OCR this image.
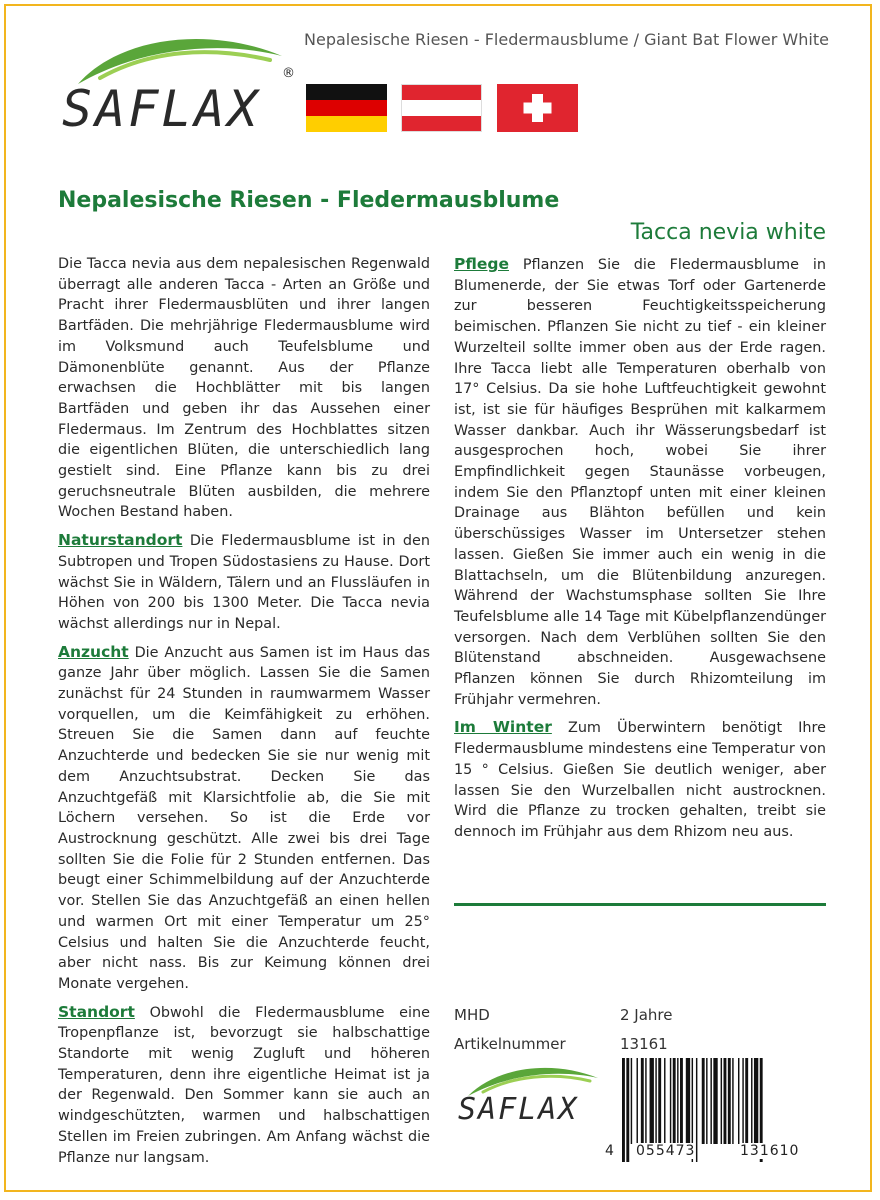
Nepalesische Riesen - Fledermausblume / Giant Bat Flower White
SAFLAX
®
Nepalesische Riesen - Fledermausblume
Tacca nevia white

Die Tacca nevia aus dem nepalesischen Regenwald überragt alle anderen Tacca - Arten an Größe und Pracht ihrer Fledermausblüten und ihrer langen Bartfäden. Die mehrjährige Fledermausblume wird im Volksmund auch Teufelsblume und Dämonenblüte genannt. Aus der Pflanze erwachsen die Hochblätter mit bis langen Bartfäden und geben ihr das Aussehen einer Fledermaus. Im Zentrum des Hochblattes sitzen die eigentlichen Blüten, die unterschiedlich lang gestielt sind. Eine Pflanze kann bis zu drei geruchsneutrale Blüten ausbilden, die mehrere Wochen Bestand haben.

Naturstandort Die Fledermausblume ist in den Subtropen und Tropen Südostasiens zu Hause. Dort wächst Sie in Wäldern, Tälern und an Flussläufen in Höhen von 200 bis 1300 Meter. Die Tacca nevia wächst allerdings nur in Nepal.

Anzucht Die Anzucht aus Samen ist im Haus das ganze Jahr über möglich. Lassen Sie die Samen zunächst für 24 Stunden in raumwarmem Wasser vorquellen, um die Keimfähigkeit zu erhöhen. Streuen Sie die Samen dann auf feuchte Anzuchterde und bedecken Sie sie nur wenig mit dem Anzuchtsubstrat. Decken Sie das Anzuchtgefäß mit Klarsichtfolie ab, die Sie mit Löchern versehen. So ist die Erde vor Austrocknung geschützt. Alle zwei bis drei Tage sollten Sie die Folie für 2 Stunden entfernen. Das beugt einer Schimmelbildung auf der Anzuchterde vor. Stellen Sie das Anzuchtgefäß an einen hellen und warmen Ort mit einer Temperatur um 25° Celsius und halten Sie die Anzuchterde feucht, aber nicht nass. Bis zur Keimung können drei Monate vergehen.

Standort Obwohl die Fledermausblume eine Tropenpflanze ist, bevorzugt sie halbschattige Standorte mit wenig Zugluft und höheren Temperaturen, denn ihre eigentliche Heimat ist ja der Regenwald. Den Sommer kann sie auch an windgeschützten, warmen und halbschattigen Stellen im Freien zubringen. Am Anfang wächst die Pflanze nur langsam.

Pflege Pflanzen Sie die Fledermausblume in Blumenerde, der Sie etwas Torf oder Gartenerde zur besseren Feuchtigkeitsspeicherung beimischen. Pflanzen Sie nicht zu tief - ein kleiner Wurzelteil sollte immer oben aus der Erde ragen. Ihre Tacca liebt alle Temperaturen oberhalb von 17° Celsius. Da sie hohe Luftfeuchtigkeit gewohnt ist, ist sie für häufiges Besprühen mit kalkarmem Wasser dankbar. Auch ihr Wässerungsbedarf ist ausgesprochen hoch, wobei Sie ihrer Empfindlichkeit gegen Staunässe vorbeugen, indem Sie den Pflanztopf unten mit einer kleinen Drainage aus Blähton befüllen und kein überschüssiges Wasser im Untersetzer stehen lassen. Gießen Sie immer auch ein wenig in die Blattachseln, um die Blütenbildung anzuregen. Während der Wachstumsphase sollten Sie Ihre Teufelsblume alle 14 Tage mit Kübelpflanzendünger versorgen. Nach dem Verblühen sollten Sie den Blütenstand abschneiden. Ausgewachsene Pflanzen können Sie durch Rhizomteilung im Frühjahr vermehren.

Im Winter Zum Überwintern benötigt Ihre Fledermausblume mindestens eine Temperatur von 15 ° Celsius. Gießen Sie deutlich weniger, aber lassen Sie den Wurzelballen nicht austrocknen. Wird die Pflanze zu trocken gehalten, treibt sie dennoch im Frühjahr aus dem Rhizom neu aus.

MHD	2 Jahre
Artikelnummer	13161
SAFLAX
4 055473	131610
